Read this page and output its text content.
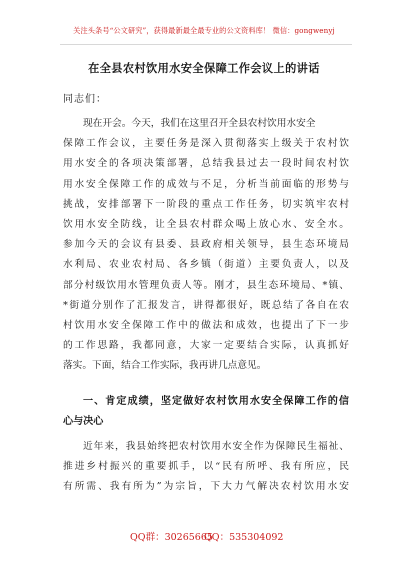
关注头条号“公文研究”，获得最新最全最专业的公文资料库！ 微信：gongwenyj
在全县农村饮用水安全保障工作会议上的讲话
同志们：
现在开会。今天，我们在这里召开全县农村饮用水安全
保障工作会议，主要任务是深入贯彻落实上级关于农村饮
用水安全的各项决策部署，总结我县过去一段时间农村饮
用水安全保障工作的成效与不足，分析当前面临的形势与
挑战，安排部署下一阶段的重点工作任务，切实筑牢农村
饮用水安全防线，让全县农村群众喝上放心水、安全水。
参加今天的会议有县委、县政府相关领导，县生态环境局
水利局、农业农村局、各乡镇（街道）主要负责人，以及
部分村级饮用水管理负责人等。刚才，县生态环境局、*镇、
*街道分别作了汇报发言，讲得都很好，既总结了各自在农
村饮用水安全保障工作中的做法和成效，也提出了下一步
的工作思路，我都同意，大家一定要结合实际，认真抓好
落实。下面，结合工作实际，我再讲几点意见。
一、肯定成绩，坚定做好农村饮用水安全保障工作的信
心与决心
近年来，我县始终把农村饮用水安全作为保障民生福祉、
推进乡村振兴的重要抓手，以“民有所呼、我有所应，民
有所需、我有所为”为宗旨，下大力气解决农村饮用水安
QQ群：30265665
QQ：535304092
